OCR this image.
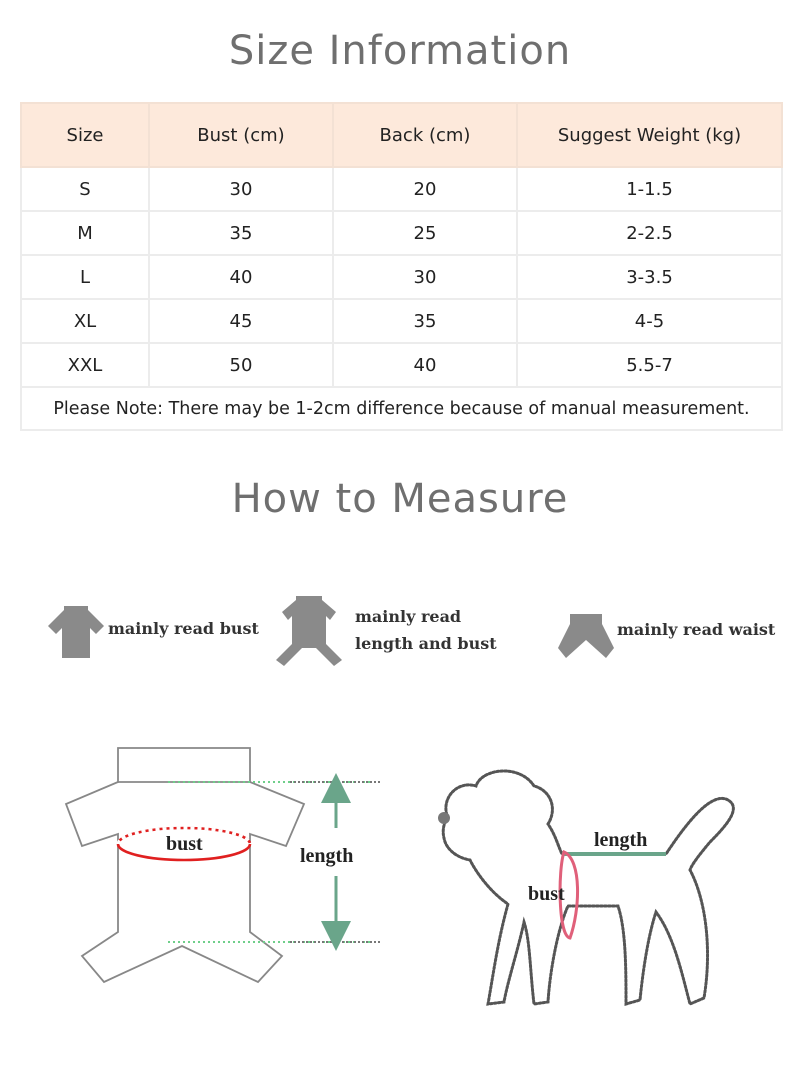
Size Information
Size	Bust (cm)	Back (cm)	Suggest Weight (kg)
S	30	20	1-1.5
M	35	25	2-2.5
L	40	30	3-3.5
XL	45	35	4-5
XXL	50	40	5.5-7
Please Note: There may be 1-2cm difference because of manual measurement.			
How to Measure
mainly read bust
mainly read
length and bust
mainly read waist
bust
length
length
bust
